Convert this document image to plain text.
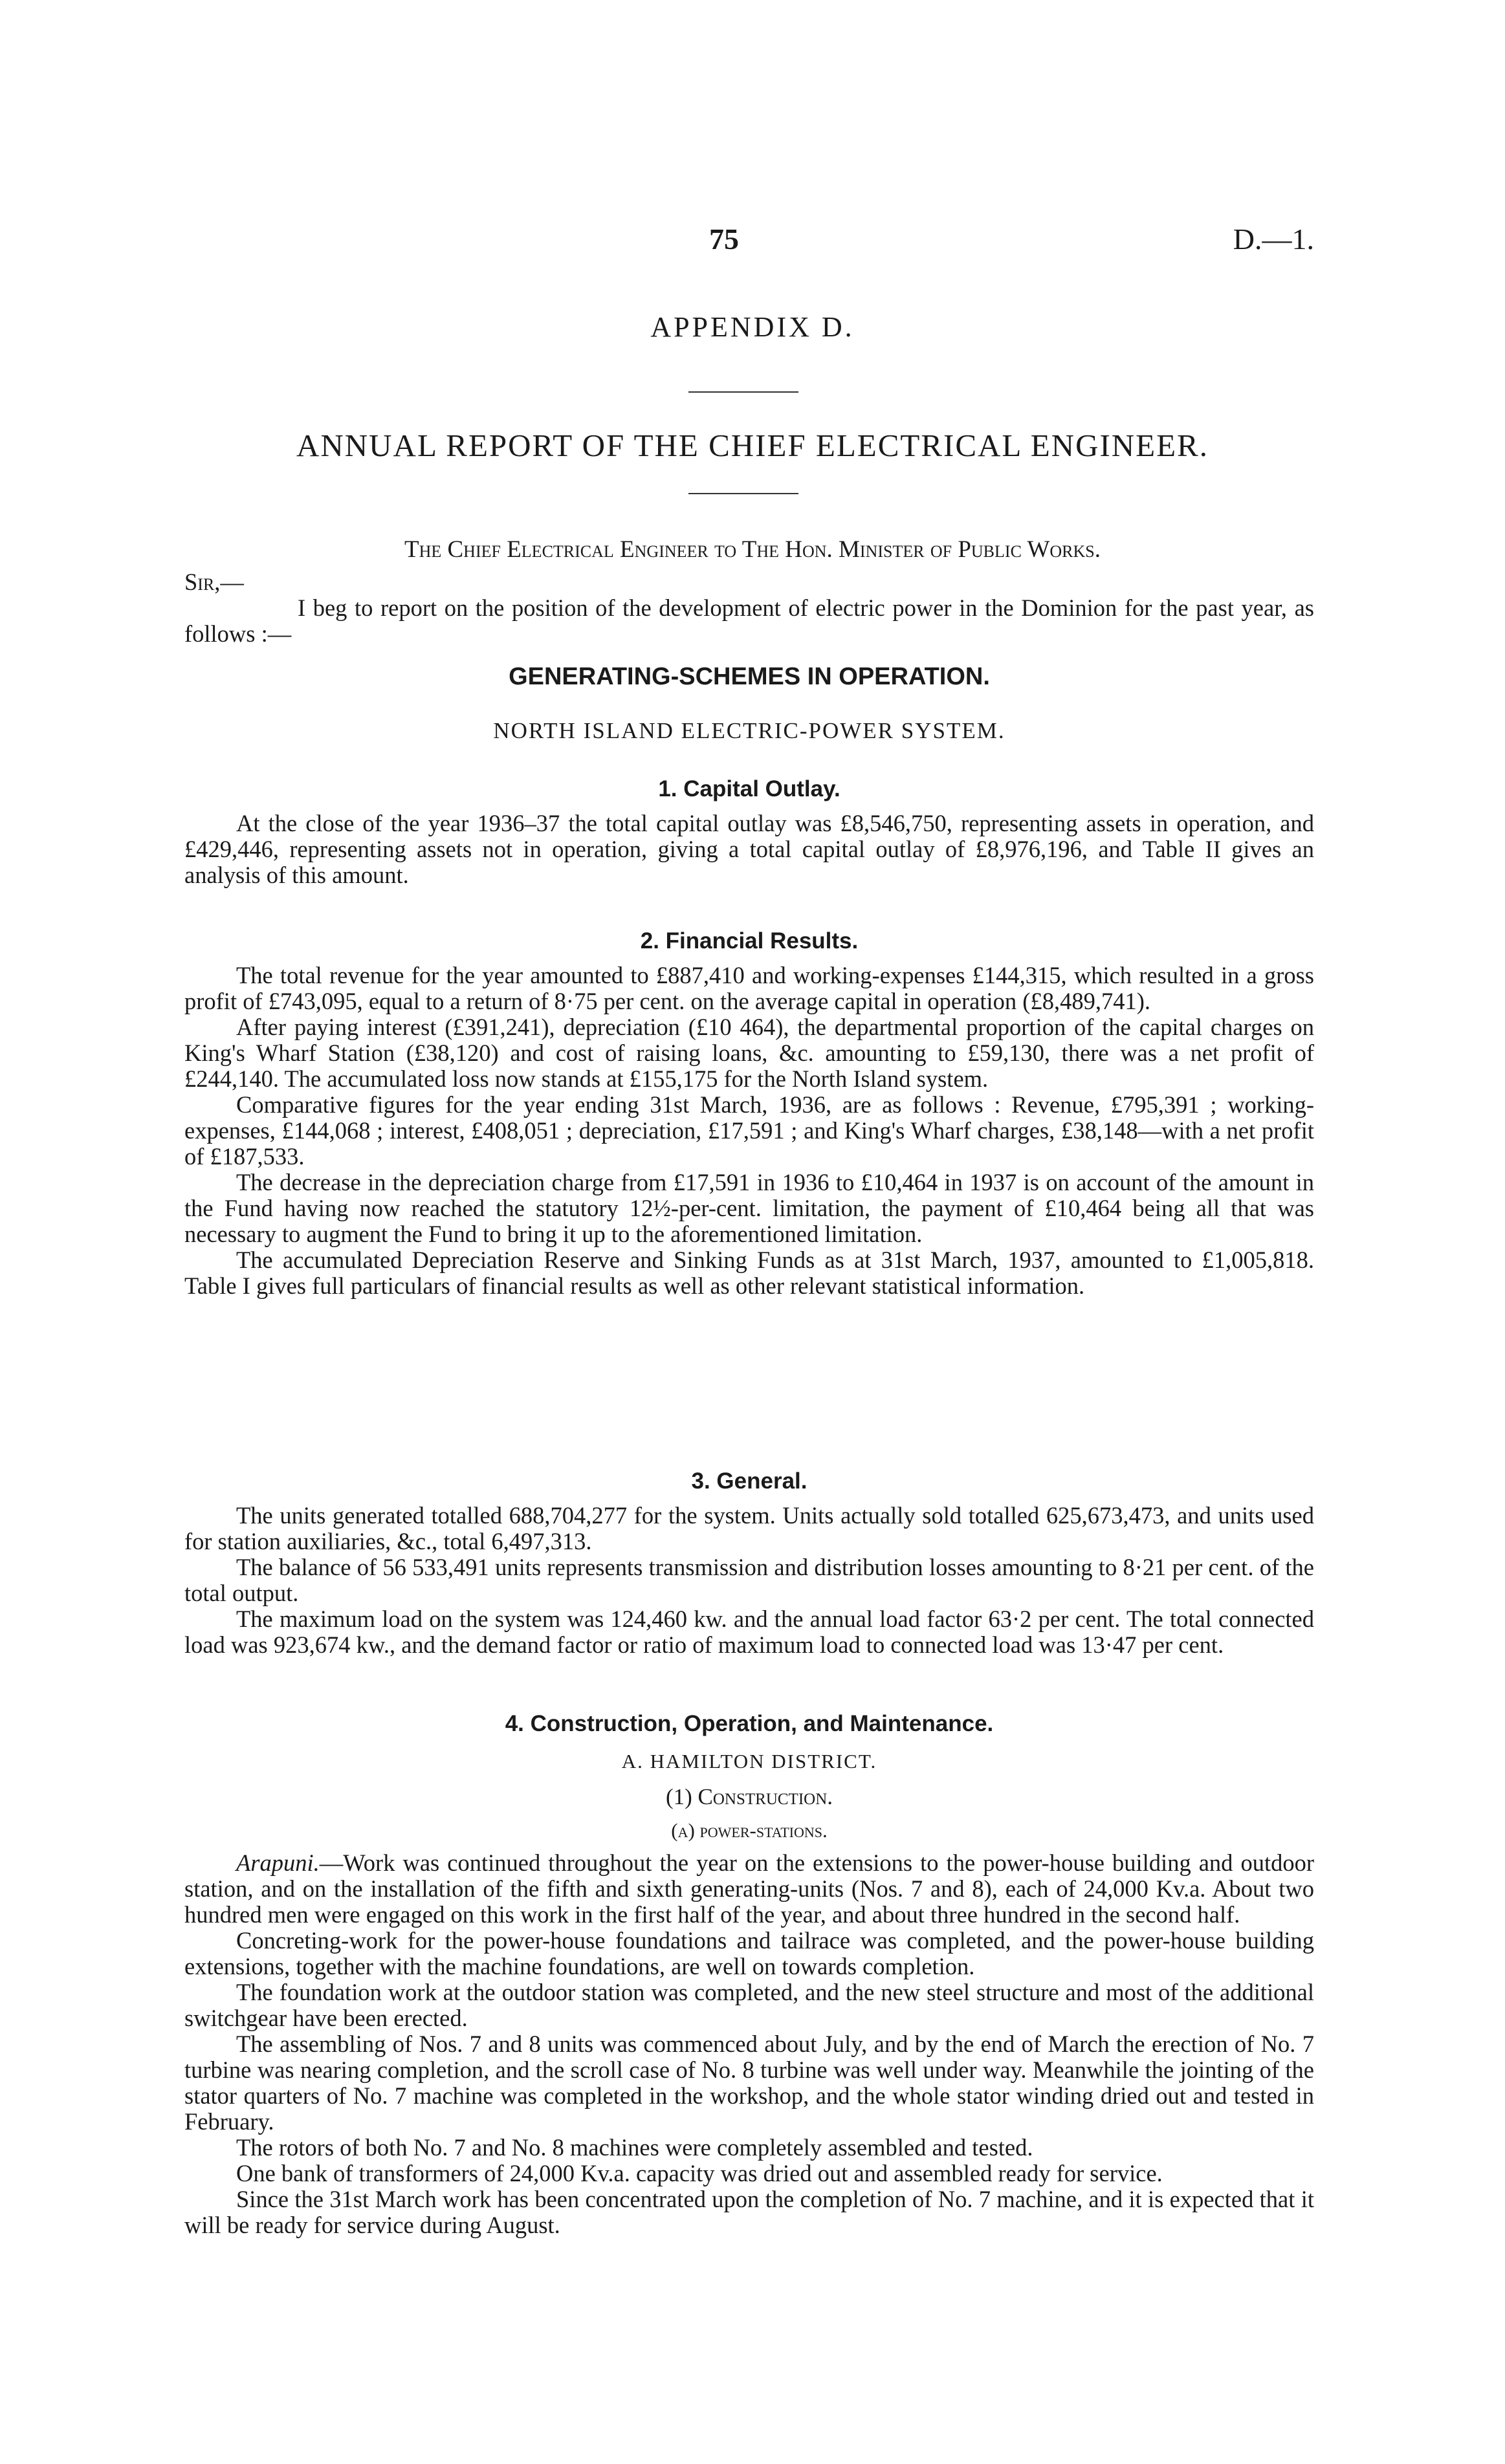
75	D.—1.
APPENDIX D.
ANNUAL REPORT OF THE CHIEF ELECTRICAL ENGINEER.
The Chief Electrical Engineer to The Hon. Minister of Public Works.

Sir,—

I beg to report on the position of the development of electric power in the Dominion for the past year, as follows :—

GENERATING-SCHEMES IN OPERATION.
NORTH ISLAND ELECTRIC-POWER SYSTEM.
1. Capital Outlay.

At the close of the year 1936–37 the total capital outlay was £8,546,750, representing assets in operation, and £429,446, representing assets not in operation, giving a total capital outlay of £8,976,196, and Table II gives an analysis of this amount.

2. Financial Results.

The total revenue for the year amounted to £887,410 and working-expenses £144,315, which resulted in a gross profit of £743,095, equal to a return of 8·75 per cent. on the average capital in operation (£8,489,741).

After paying interest (£391,241), depreciation (£10 464), the departmental proportion of the capital charges on King's Wharf Station (£38,120) and cost of raising loans, &c. amounting to £59,130, there was a net profit of £244,140. The accumulated loss now stands at £155,175 for the North Island system.

Comparative figures for the year ending 31st March, 1936, are as follows : Revenue, £795,391 ; working-expenses, £144,068 ; interest, £408,051 ; depreciation, £17,591 ; and King's Wharf charges, £38,148—with a net profit of £187,533.

The decrease in the depreciation charge from £17,591 in 1936 to £10,464 in 1937 is on account of the amount in the Fund having now reached the statutory 12½-per-cent. limitation, the payment of £10,464 being all that was necessary to augment the Fund to bring it up to the aforementioned limitation.

The accumulated Depreciation Reserve and Sinking Funds as at 31st March, 1937, amounted to £1,005,818. Table I gives full particulars of financial results as well as other relevant statistical information.

3. General.

The units generated totalled 688,704,277 for the system. Units actually sold totalled 625,673,473, and units used for station auxiliaries, &c., total 6,497,313.

The balance of 56 533,491 units represents transmission and distribution losses amounting to 8·21 per cent. of the total output.

The maximum load on the system was 124,460 kw. and the annual load factor 63·2 per cent. The total connected load was 923,674 kw., and the demand factor or ratio of maximum load to connected load was 13·47 per cent.

4. Construction, Operation, and Maintenance.
A. HAMILTON DISTRICT.
(1) Construction.
(a) power-stations.

Arapuni.—Work was continued throughout the year on the extensions to the power-house building and outdoor station, and on the installation of the fifth and sixth generating-units (Nos. 7 and 8), each of 24,000 Kv.a. About two hundred men were engaged on this work in the first half of the year, and about three hundred in the second half.

Concreting-work for the power-house foundations and tailrace was completed, and the power-house building extensions, together with the machine foundations, are well on towards completion.

The foundation work at the outdoor station was completed, and the new steel structure and most of the additional switchgear have been erected.

The assembling of Nos. 7 and 8 units was commenced about July, and by the end of March the erection of No. 7 turbine was nearing completion, and the scroll case of No. 8 turbine was well under way. Meanwhile the jointing of the stator quarters of No. 7 machine was completed in the workshop, and the whole stator winding dried out and tested in February.

The rotors of both No. 7 and No. 8 machines were completely assembled and tested.

One bank of transformers of 24,000 Kv.a. capacity was dried out and assembled ready for service.

Since the 31st March work has been concentrated upon the completion of No. 7 machine, and it is expected that it will be ready for service during August.
